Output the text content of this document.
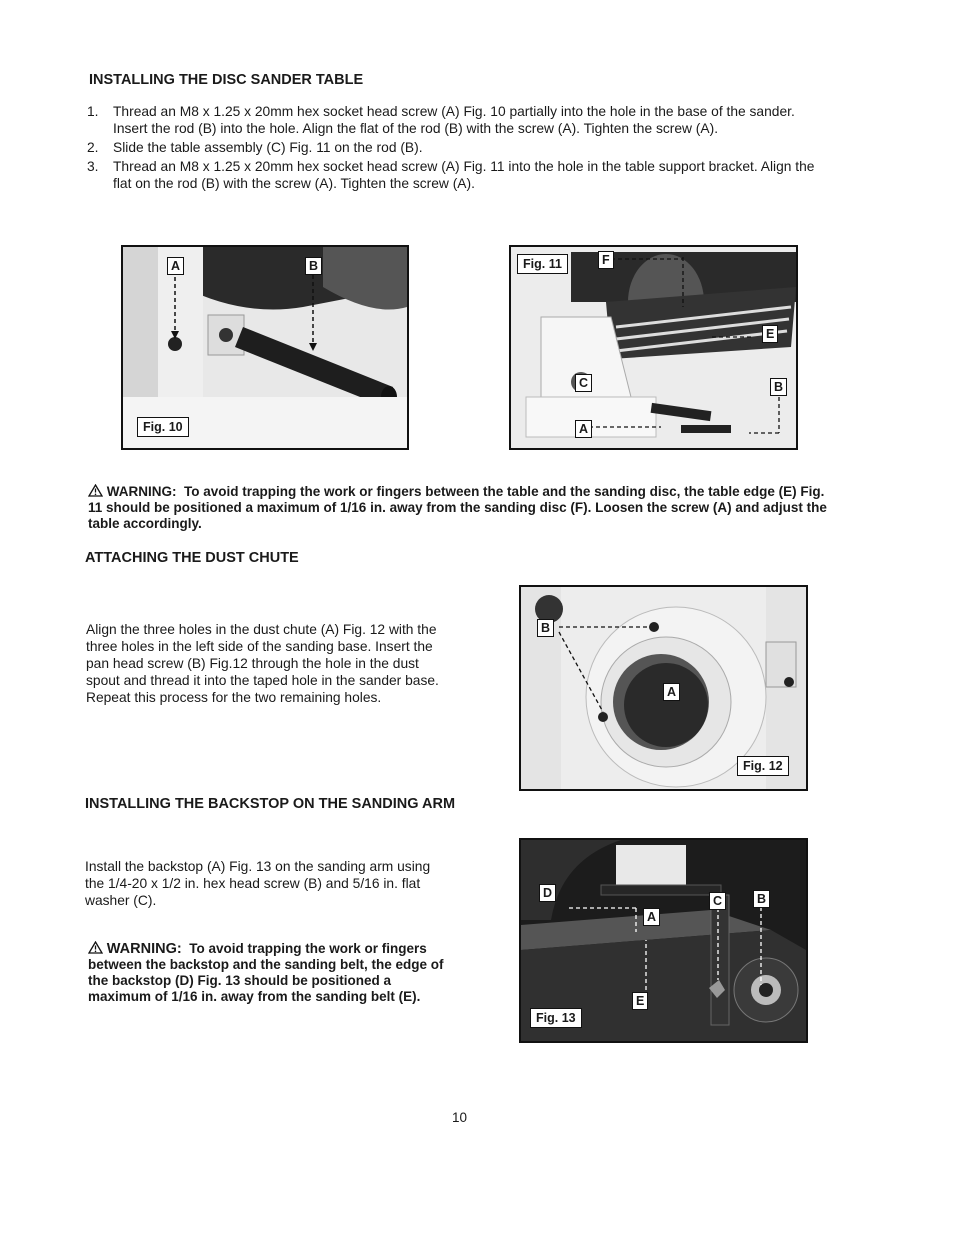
INSTALLING THE DISC SANDER TABLE
1. Thread an M8 x 1.25 x 20mm hex socket head screw (A) Fig. 10 partially into the hole in the base of the sander. Insert the rod (B) into the hole. Align the flat of the rod (B) with the screw (A). Tighten the screw (A).
2. Slide the table assembly (C) Fig. 11 on the rod (B).
3. Thread an M8 x 1.25 x 20mm hex socket head screw (A) Fig. 11 into the hole in the table support bracket. Align the flat on the rod (B) with the screw (A). Tighten the screw (A).
A	B
Fig. 10
Fig. 11	F
E
C	B
A
WARNING: To avoid trapping the work or fingers between the table and the sanding disc, the table edge (E) Fig. 11 should be positioned a maximum of 1/16 in. away from the sanding disc (F). Loosen the screw (A) and adjust the table accordingly.
ATTACHING THE DUST CHUTE
Align the three holes in the dust chute (A) Fig. 12 with the three holes in the left side of the sanding base. Insert the pan head screw (B) Fig.12 through the hole in the dust spout and thread it into the taped hole in the sander base. Repeat this process for the two remaining holes.
B
A
Fig. 12
INSTALLING THE BACKSTOP ON THE SANDING ARM
Install the backstop (A) Fig. 13 on the sanding arm using the 1/4-20 x 1/2 in. hex head screw (B) and 5/16 in. flat washer (C).
WARNING: To avoid trapping the work or fingers between the backstop and the sanding belt, the edge of the backstop (D) Fig. 13 should be positioned a maximum of 1/16 in. away from the sanding belt (E).
D
A
C	B
E
Fig. 13
10
